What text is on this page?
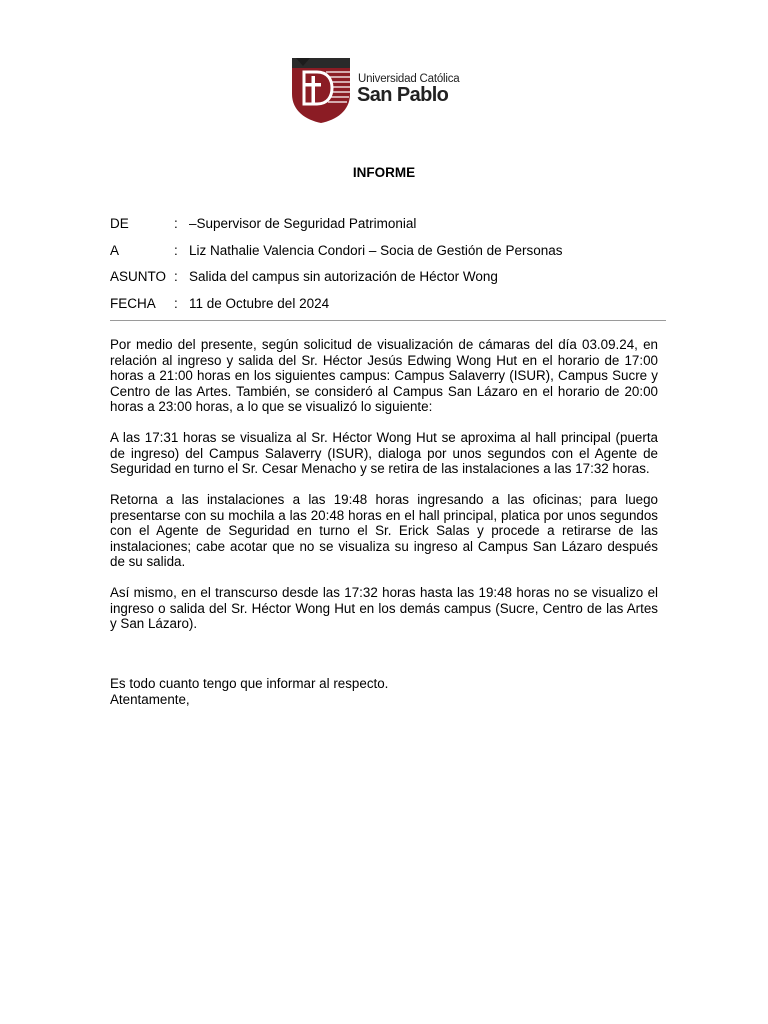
Universidad Católica
San Pablo
INFORME
DE	: –Supervisor de Seguridad Patrimonial
A	: Liz Nathalie Valencia Condori – Socia de Gestión de Personas
ASUNTO : Salida del campus sin autorización de Héctor Wong
FECHA : 11 de Octubre del 2024

Por medio del presente, según solicitud de visualización de cámaras del día 03.09.24, en relación al ingreso y salida del Sr. Héctor Jesús Edwing Wong Hut en el horario de 17:00 horas a 21:00 horas en los siguientes campus: Campus Salaverry (ISUR), Campus Sucre y Centro de las Artes. También, se consideró al Campus San Lázaro en el horario de 20:00 horas a 23:00 horas, a lo que se visualizó lo siguiente:

A las 17:31 horas se visualiza al Sr. Héctor Wong Hut se aproxima al hall principal (puerta de ingreso) del Campus Salaverry (ISUR), dialoga por unos segundos con el Agente de Seguridad en turno el Sr. Cesar Menacho y se retira de las instalaciones a las 17:32 horas.

Retorna a las instalaciones a las 19:48 horas ingresando a las oficinas; para luego presentarse con su mochila a las 20:48 horas en el hall principal, platica por unos segundos con el Agente de Seguridad en turno el Sr. Erick Salas y procede a retirarse de las instalaciones; cabe acotar que no se visualiza su ingreso al Campus San Lázaro después de su salida.

Así mismo, en el transcurso desde las 17:32 horas hasta las 19:48 horas no se visualizo el ingreso o salida del Sr. Héctor Wong Hut en los demás campus (Sucre, Centro de las Artes y San Lázaro).

Es todo cuanto tengo que informar al respecto.
Atentamente,
